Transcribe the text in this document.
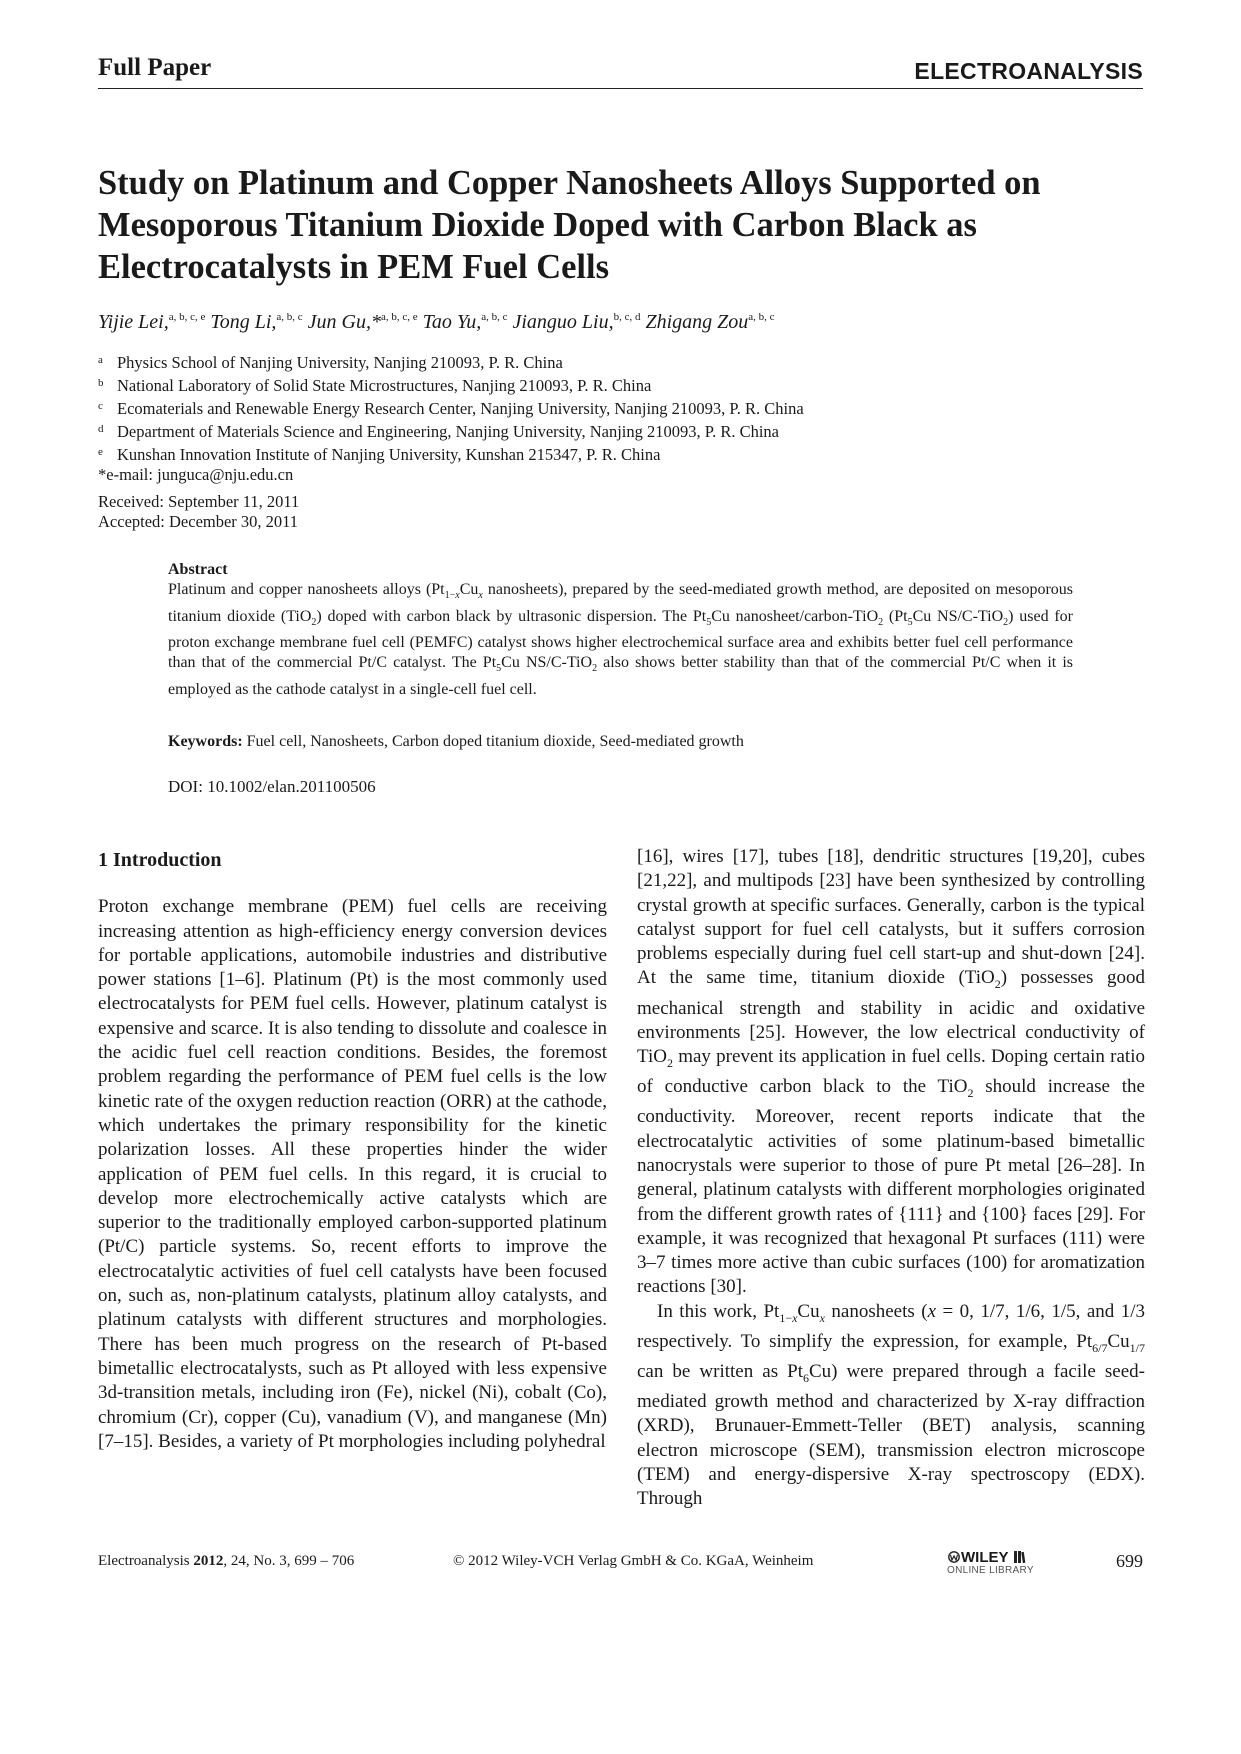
Full Paper	ELECTROANALYSIS
Study on Platinum and Copper Nanosheets Alloys Supported on
Mesoporous Titanium Dioxide Doped with Carbon Black as
Electrocatalysts in PEM Fuel Cells
Yijie Lei,$^{a, b, c, e}$ Tong Li,$^{a, b, c}$ Jun Gu,*$^{a, b, c, e}$ Tao Yu,$^{a, b, c}$ Jianguo Liu,$^{b, c, d}$ Zhigang Zou$^{a, b, c}$
a Physics School of Nanjing University, Nanjing 210093, P. R. China
b National Laboratory of Solid State Microstructures, Nanjing 210093, P. R. China
c Ecomaterials and Renewable Energy Research Center, Nanjing University, Nanjing 210093, P. R. China
d Department of Materials Science and Engineering, Nanjing University, Nanjing 210093, P. R. China
e Kunshan Innovation Institute of Nanjing University, Kunshan 215347, P. R. China
*e-mail: junguca@nju.edu.cn
Received: September 11, 2011
Accepted: December 30, 2011
Abstract
Platinum and copper nanosheets alloys ($Pt_{1-x}Cu_x$ nanosheets), prepared by the seed-mediated growth method, are deposited on mesoporous titanium dioxide (TiO$_2$) doped with carbon black by ultrasonic dispersion. The $Pt_5Cu$ nanosheet/carbon-TiO$_2$ ($Pt_5Cu$ NS/C-TiO$_2$) used for proton exchange membrane fuel cell (PEMFC) catalyst shows higher electrochemical surface area and exhibits better fuel cell performance than that of the commercial Pt/C catalyst. The $Pt_5Cu$ NS/C-TiO$_2$ also shows better stability than that of the commercial Pt/C when it is employed as the cathode catalyst in a single-cell fuel cell.
Keywords: Fuel cell, Nanosheets, Carbon doped titanium dioxide, Seed-mediated growth
DOI: 10.1002/elan.201100506
1 Introduction

Proton exchange membrane (PEM) fuel cells are receiving increasing attention as high-efficiency energy conversion devices for portable applications, automobile industries and distributive power stations [1–6]. Platinum (Pt) is the most commonly used electrocatalysts for PEM fuel cells. However, platinum catalyst is expensive and scarce. It is also tending to dissolute and coalesce in the acidic fuel cell reaction conditions. Besides, the foremost problem regarding the performance of PEM fuel cells is the low kinetic rate of the oxygen reduction reaction (ORR) at the cathode, which undertakes the primary responsibility for the kinetic polarization losses. All these properties hinder the wider application of PEM fuel cells. In this regard, it is crucial to develop more electrochemically active catalysts which are superior to the traditionally employed carbon-supported platinum (Pt/C) particle systems. So, recent efforts to improve the electrocatalytic activities of fuel cell catalysts have been focused on, such as, non-platinum catalysts, platinum alloy catalysts, and platinum catalysts with different structures and morphologies. There has been much progress on the research of Pt-based bimetallic electrocatalysts, such as Pt alloyed with less expensive 3d-transition metals, including iron (Fe), nickel (Ni), cobalt (Co), chromium (Cr), copper (Cu), vanadium (V), and manganese (Mn) [7–15]. Besides, a variety of Pt morphologies including polyhedral

[16], wires [17], tubes [18], dendritic structures [19,20], cubes [21,22], and multipods [23] have been synthesized by controlling crystal growth at specific surfaces. Generally, carbon is the typical catalyst support for fuel cell catalysts, but it suffers corrosion problems especially during fuel cell start-up and shut-down [24]. At the same time, titanium dioxide (TiO$_2$) possesses good mechanical strength and stability in acidic and oxidative environments [25]. However, the low electrical conductivity of TiO$_2$ may prevent its application in fuel cells. Doping certain ratio of conductive carbon black to the TiO$_2$ should increase the conductivity. Moreover, recent reports indicate that the electrocatalytic activities of some platinum-based bimetallic nanocrystals were superior to those of pure Pt metal [26–28]. In general, platinum catalysts with different morphologies originated from the different growth rates of {111} and {100} faces [29]. For example, it was recognized that hexagonal Pt surfaces (111) were 3–7 times more active than cubic surfaces (100) for aromatization reactions [30].

In this work, $Pt_{1-x}Cu_x$ nanosheets (x = 0, 1/7, 1/6, 1/5, and 1/3 respectively. To simplify the expression, for example, $Pt_{6/7}Cu_{1/7}$ can be written as $Pt_6Cu$) were prepared through a facile seed-mediated growth method and characterized by X-ray diffraction (XRD), Brunauer-Emmett-Teller (BET) analysis, scanning electron microscope (SEM), transmission electron microscope (TEM) and energy-dispersive X-ray spectroscopy (EDX). Through

Electroanalysis 2012, 24, No. 3, 699 – 706	© 2012 Wiley-VCH Verlag GmbH & Co. KGaA, Weinheim	WILEY
ONLINE LIBRARY	699
